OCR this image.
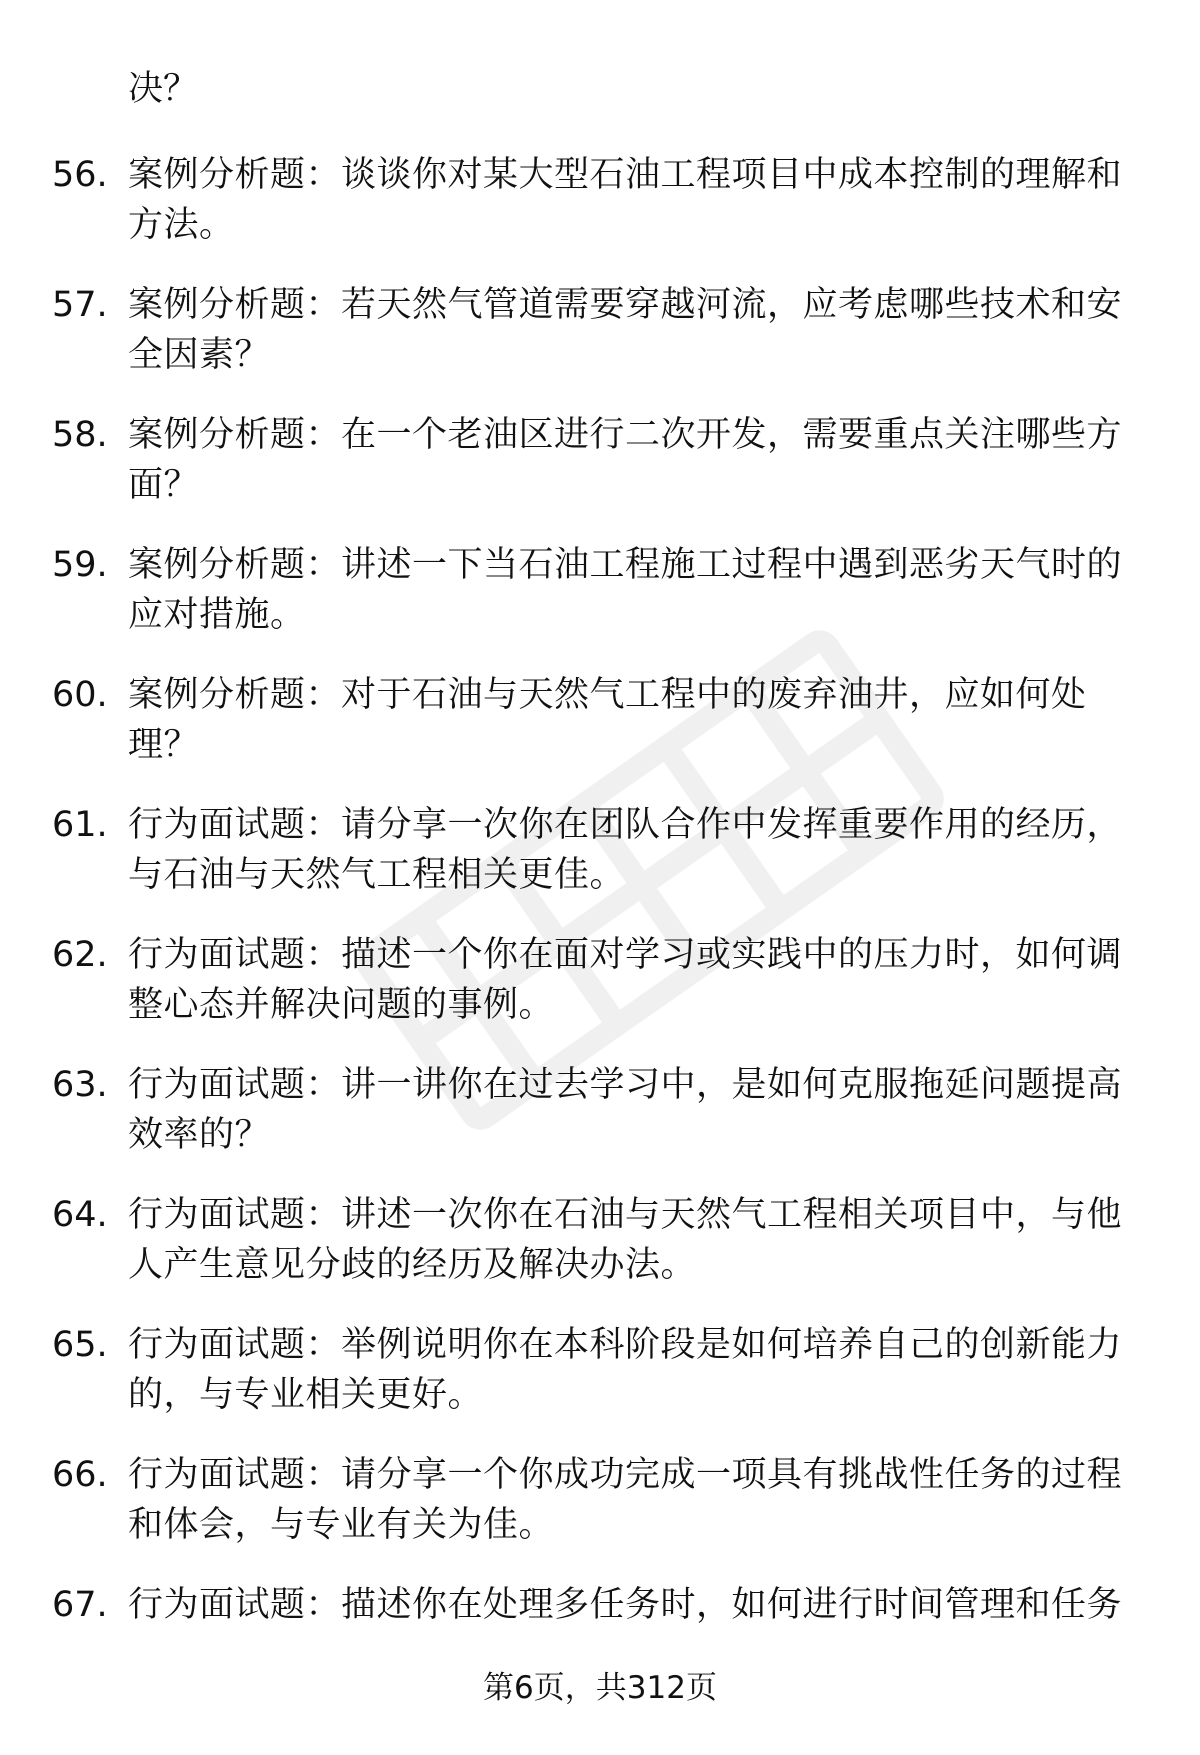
决？

56. 案例分析题：谈谈你对某大型石油工程项目中成本控制的理解和方法。
57. 案例分析题：若天然气管道需要穿越河流，应考虑哪些技术和安全因素？
58. 案例分析题：在一个老油区进行二次开发，需要重点关注哪些方面？
59. 案例分析题：讲述一下当石油工程施工过程中遇到恶劣天气时的应对措施。
60. 案例分析题：对于石油与天然气工程中的废弃油井，应如何处理？
61. 行为面试题：请分享一次你在团队合作中发挥重要作用的经历，与石油与天然气工程相关更佳。
62. 行为面试题：描述一个你在面对学习或实践中的压力时，如何调整心态并解决问题的事例。
63. 行为面试题：讲一讲你在过去学习中，是如何克服拖延问题提高效率的？
64. 行为面试题：讲述一次你在石油与天然气工程相关项目中，与他人产生意见分歧的经历及解决办法。
65. 行为面试题：举例说明你在本科阶段是如何培养自己的创新能力的，与专业相关更好。
66. 行为面试题：请分享一个你成功完成一项具有挑战性任务的过程和体会，与专业有关为佳。
67. 行为面试题：描述你在处理多任务时，如何进行时间管理和任务
第6页，共312页
